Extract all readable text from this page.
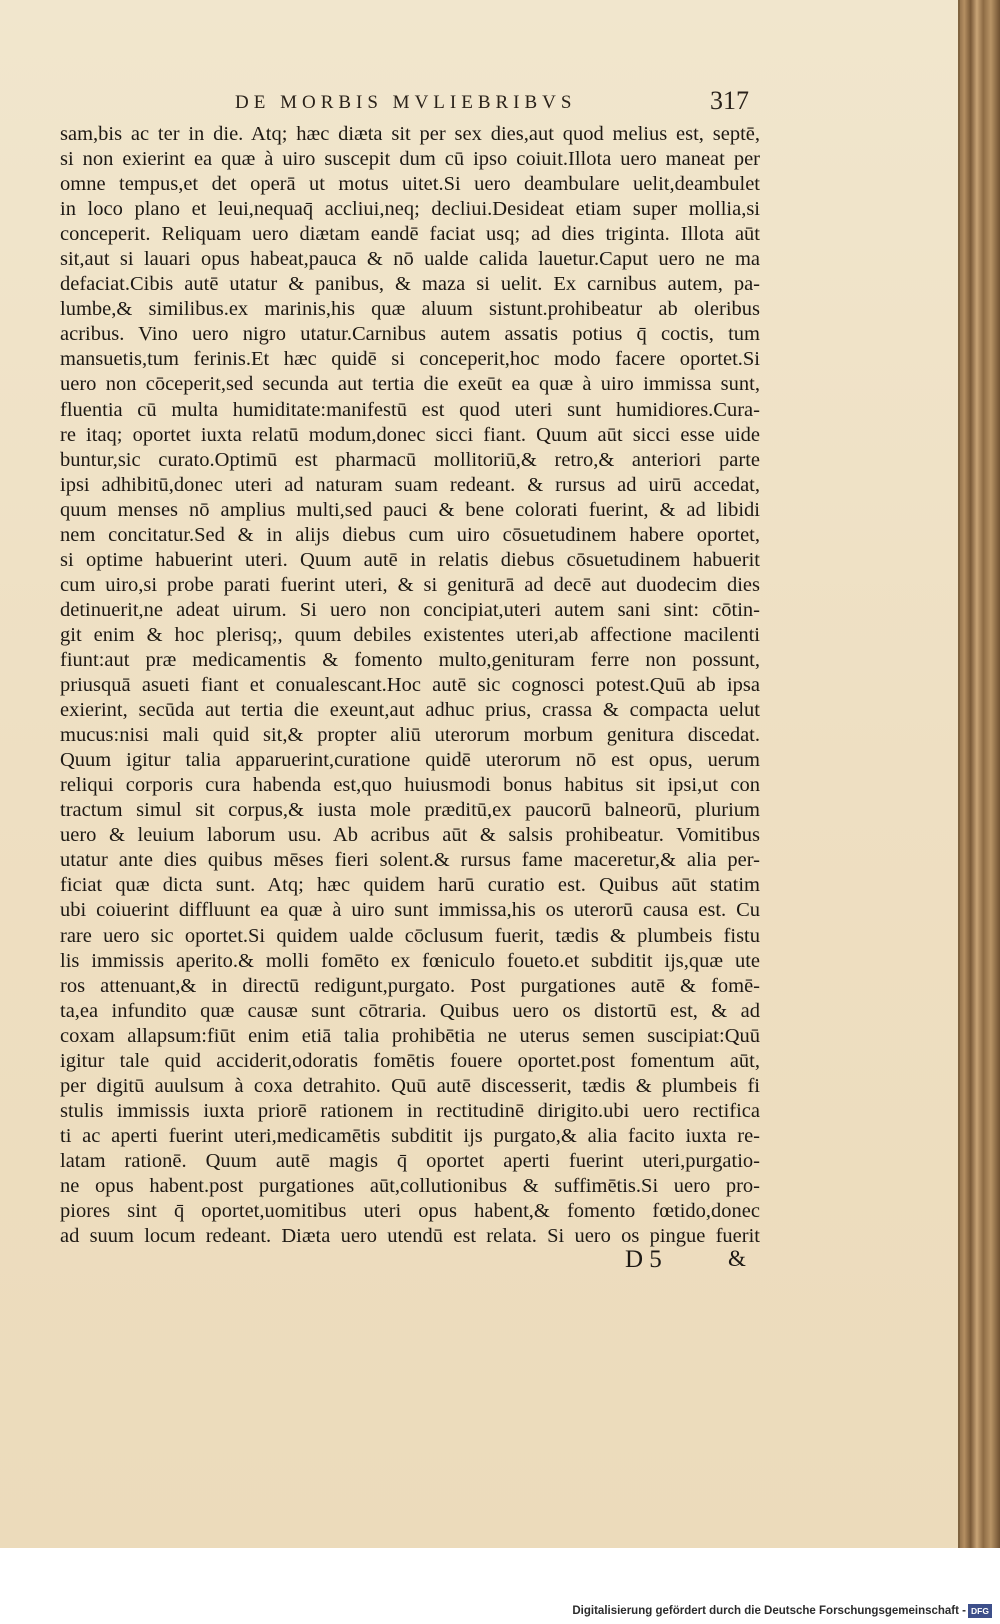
DE MORBIS MVLIEBRIBVS	317
sam,bis ac ter in die. Atq; hæc diæta sit per sex dies,aut quod melius est, septē,
si non exierint ea quæ à uiro suscepit dum cū ipso coiuit.Illota uero maneat per
omne tempus,et det operā ut motus uitet.Si uero deambulare uelit,deambulet
in loco plano et leui,nequaq̄ accliui,neq; decliui.Desideat etiam super mollia,si
conceperit. Reliquam uero diætam eandē faciat usq; ad dies triginta. Illota aūt
sit,aut si lauari opus habeat,pauca & nō ualde calida lauetur.Caput uero ne ma
defaciat.Cibis autē utatur & panibus, & maza si uelit. Ex carnibus autem, pa-
lumbe,& similibus.ex marinis,his quæ aluum sistunt.prohibeatur ab oleribus
acribus. Vino uero nigro utatur.Carnibus autem assatis potius q̄ coctis, tum
mansuetis,tum ferinis.Et hæc quidē si conceperit,hoc modo facere oportet.Si
uero non cōceperit,sed secunda aut tertia die exeūt ea quæ à uiro immissa sunt,
fluentia cū multa humiditate:manifestū est quod uteri sunt humidiores.Cura-
re itaq; oportet iuxta relatū modum,donec sicci fiant. Quum aūt sicci esse uide
buntur,sic curato.Optimū est pharmacū mollitoriū,& retro,& anteriori parte
ipsi adhibitū,donec uteri ad naturam suam redeant. & rursus ad uirū accedat,
quum menses nō amplius multi,sed pauci & bene colorati fuerint, & ad libidi
nem concitatur.Sed & in alijs diebus cum uiro cōsuetudinem habere oportet,
si optime habuerint uteri. Quum autē in relatis diebus cōsuetudinem habuerit
cum uiro,si probe parati fuerint uteri, & si geniturā ad decē aut duodecim dies
detinuerit,ne adeat uirum. Si uero non concipiat,uteri autem sani sint: cōtin-
git enim & hoc plerisq;, quum debiles existentes uteri,ab affectione macilenti
fiunt:aut præ medicamentis & fomento multo,genituram ferre non possunt,
priusquā asueti fiant et conualescant.Hoc autē sic cognosci potest.Quū ab ipsa
exierint, secūda aut tertia die exeunt,aut adhuc prius, crassa & compacta uelut
mucus:nisi mali quid sit,& propter aliū uterorum morbum genitura discedat.
Quum igitur talia apparuerint,curatione quidē uterorum nō est opus, uerum
reliqui corporis cura habenda est,quo huiusmodi bonus habitus sit ipsi,ut con
tractum simul sit corpus,& iusta mole præditū,ex paucorū balneorū, plurium
uero & leuium laborum usu. Ab acribus aūt & salsis prohibeatur. Vomitibus
utatur ante dies quibus mēses fieri solent.& rursus fame maceretur,& alia per-
ficiat quæ dicta sunt. Atq; hæc quidem harū curatio est. Quibus aūt statim
ubi coiuerint diffluunt ea quæ à uiro sunt immissa,his os uterorū causa est. Cu
rare uero sic oportet.Si quidem ualde cōclusum fuerit, tædis & plumbeis fistu
lis immissis aperito.& molli fomēto ex fœniculo foueto.et subditit ijs,quæ ute
ros attenuant,& in directū redigunt,purgato. Post purgationes autē & fomē-
ta,ea infundito quæ causæ sunt cōtraria. Quibus uero os distortū est, & ad
coxam allapsum:fiūt enim etiā talia prohibētia ne uterus semen suscipiat:Quū
igitur tale quid acciderit,odoratis fomētis fouere oportet.post fomentum aūt,
per digitū auulsum à coxa detrahito. Quū autē discesserit, tædis & plumbeis fi
stulis immissis iuxta priorē rationem in rectitudinē dirigito.ubi uero rectifica
ti ac aperti fuerint uteri,medicamētis subditit ijs purgato,& alia facito iuxta re-
latam rationē. Quum autē magis q̄ oportet aperti fuerint uteri,purgatio-
ne opus habent.post purgationes aūt,collutionibus & suffimētis.Si uero pro-
piores sint q̄ oportet,uomitibus uteri opus habent,& fomento fœtido,donec
ad suum locum redeant. Diæta uero utendū est relata. Si uero os pingue fuerit
D 5	&
Digitalisierung gefördert durch die Deutsche Forschungsgemeinschaft - DFG
